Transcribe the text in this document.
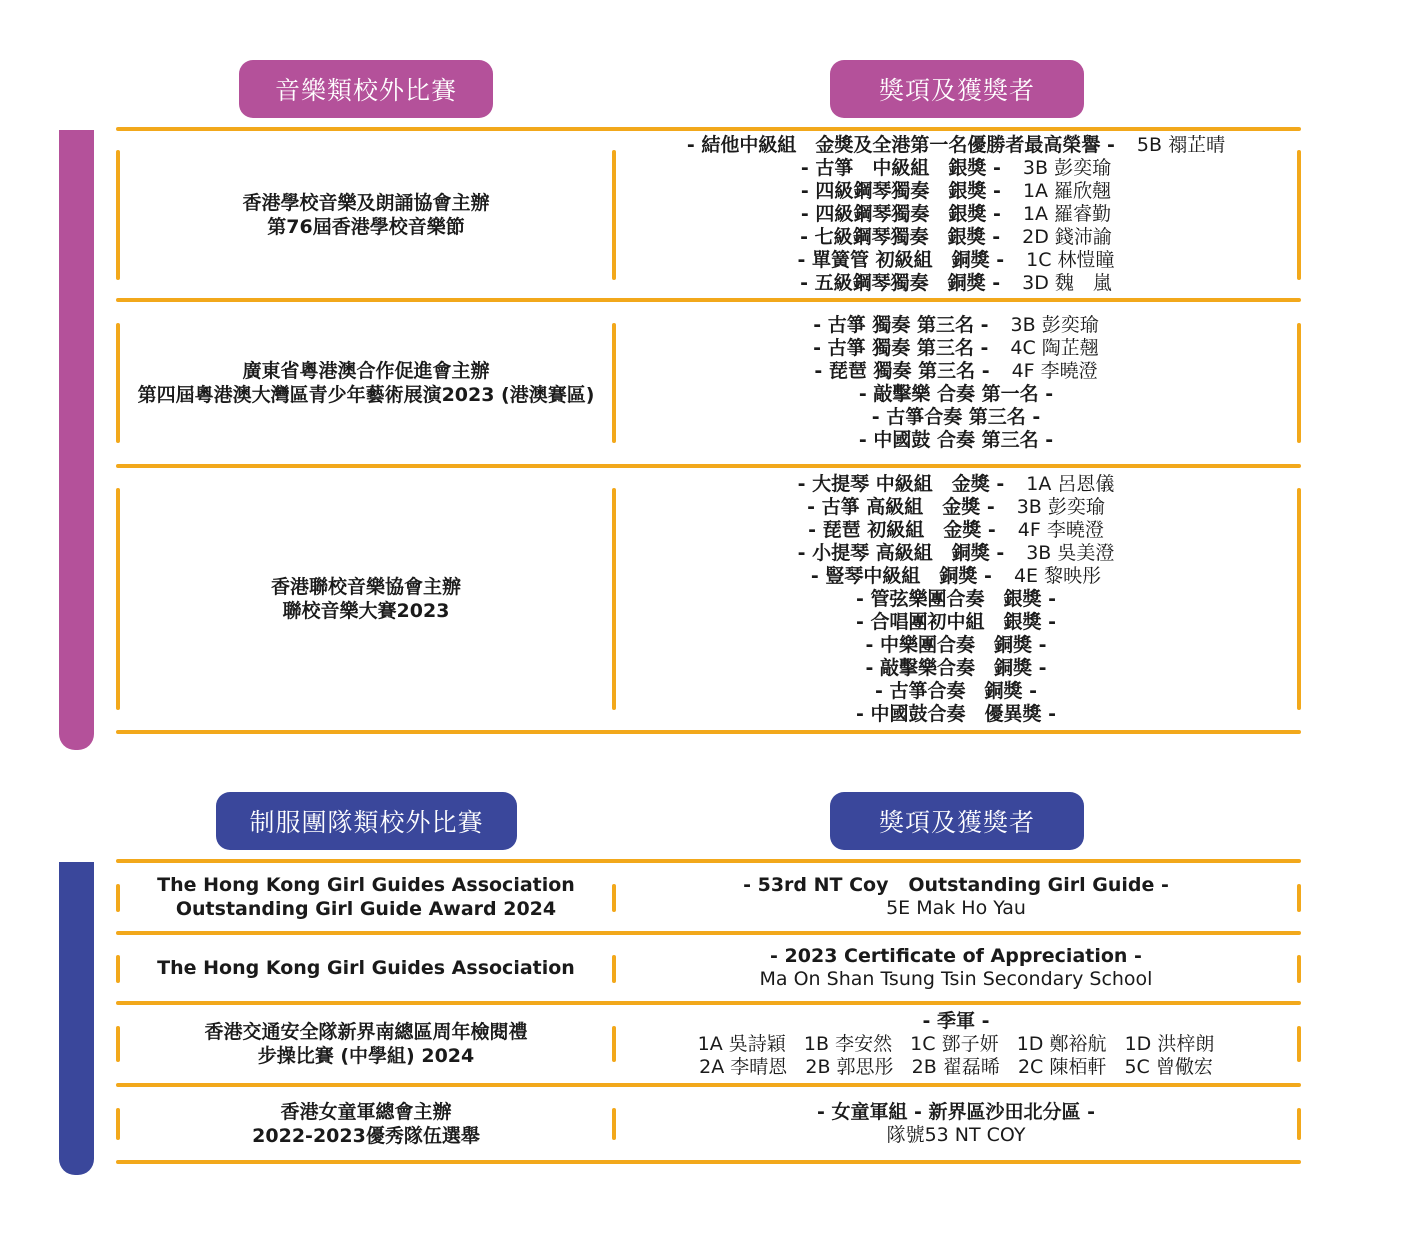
音樂類校外比賽	獎項及獲獎者
香港學校音樂及朗誦協會主辦
第76屆香港學校音樂節
- 結他中級組　金獎及全港第一名優勝者最高榮譽 - 5B 禤芷晴
- 古箏　中級組　銀獎 - 3B 彭奕瑜
- 四級鋼琴獨奏　銀獎 - 1A 羅欣翹
- 四級鋼琴獨奏　銀獎 - 1A 羅睿勤
- 七級鋼琴獨奏　銀獎 - 2D 錢沛諭
- 單簧管 初級組　銅獎 - 1C 林愷瞳
- 五級鋼琴獨奏　銅獎 - 3D 魏　嵐
廣東省粵港澳合作促進會主辦
第四屆粵港澳大灣區青少年藝術展演2023 (港澳賽區)
- 古箏 獨奏 第三名 - 3B 彭奕瑜
- 古箏 獨奏 第三名 - 4C 陶芷翹
- 琵琶 獨奏 第三名 - 4F 李曉澄
- 敲擊樂 合奏 第一名 -
- 古箏合奏 第三名 -
- 中國鼓 合奏 第三名 -
香港聯校音樂協會主辦
聯校音樂大賽2023
- 大提琴 中級組　金獎 - 1A 呂恩儀
- 古箏 高級組　金獎 - 3B 彭奕瑜
- 琵琶 初級組　金獎 - 4F 李曉澄
- 小提琴 高級組　銅獎 - 3B 吳美澄
- 豎琴中級組　銅獎 - 4E 黎映彤
- 管弦樂團合奏　銀獎 -
- 合唱團初中組　銀獎 -
- 中樂團合奏　銅獎 -
- 敲擊樂合奏　銅獎 -
- 古箏合奏　銅獎 -
- 中國鼓合奏　優異獎 -
制服團隊類校外比賽	獎項及獲獎者
The Hong Kong Girl Guides Association
Outstanding Girl Guide Award 2024
- 53rd NT Coy   Outstanding Girl Guide -
5E Mak Ho Yau
The Hong Kong Girl Guides Association
- 2023 Certificate of Appreciation -
Ma On Shan Tsung Tsin Secondary School
香港交通安全隊新界南總區周年檢閱禮
步操比賽 (中學組) 2024
- 季軍 -
1A 吳詩穎   1B 李安然   1C 鄧子妍   1D 鄭裕航   1D 洪梓朗
2A 李晴恩   2B 郭思彤   2B 翟磊晞   2C 陳栢軒   5C 曾儆宏
香港女童軍總會主辦
2022-2023優秀隊伍選舉
- 女童軍組 - 新界區沙田北分區 -
隊號53 NT COY
